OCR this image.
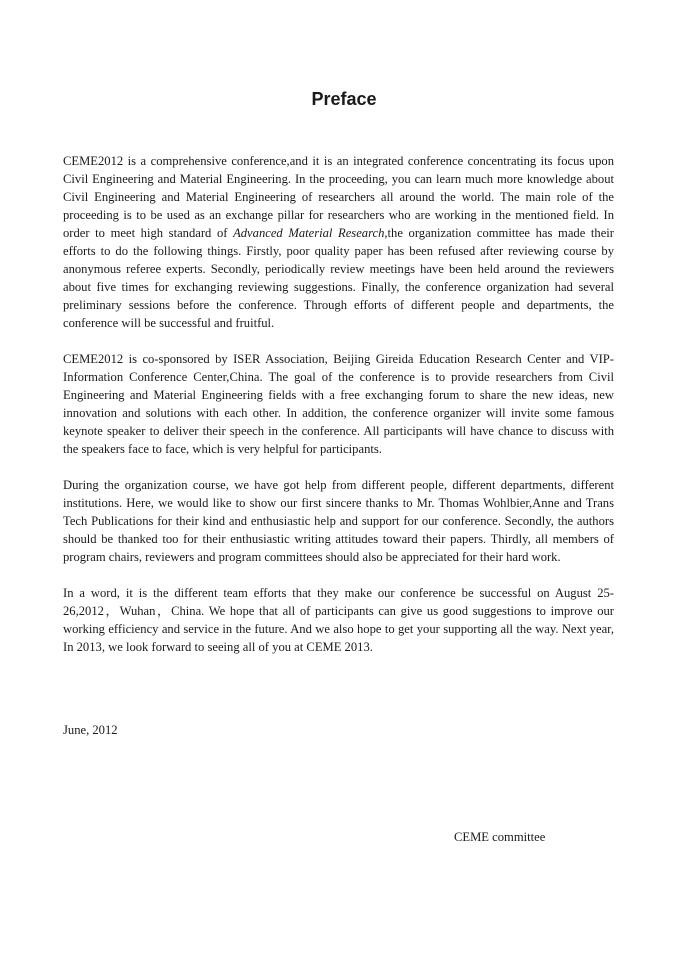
Preface

CEME2012 is a comprehensive conference,and it is an integrated conference concentrating its focus upon Civil Engineering and Material Engineering. In the proceeding, you can learn much more knowledge about Civil Engineering and Material Engineering of researchers all around the world. The main role of the proceeding is to be used as an exchange pillar for researchers who are working in the mentioned field. In order to meet high standard of Advanced Material Research,the organization committee has made their efforts to do the following things. Firstly, poor quality paper has been refused after reviewing course by anonymous referee experts. Secondly, periodically review meetings have been held around the reviewers about five times for exchanging reviewing suggestions. Finally, the conference organization had several preliminary sessions before the conference. Through efforts of different people and departments, the conference will be successful and fruitful.

CEME2012 is co-sponsored by ISER Association, Beijing Gireida Education Research Center and VIP-Information Conference Center,China. The goal of the conference is to provide researchers from Civil Engineering and Material Engineering fields with a free exchanging forum to share the new ideas, new innovation and solutions with each other. In addition, the conference organizer will invite some famous keynote speaker to deliver their speech in the conference. All participants will have chance to discuss with the speakers face to face, which is very helpful for participants.

During the organization course, we have got help from different people, different departments, different institutions. Here, we would like to show our first sincere thanks to Mr. Thomas Wohlbier,Anne and Trans Tech Publications for their kind and enthusiastic help and support for our conference. Secondly, the authors should be thanked too for their enthusiastic writing attitudes toward their papers. Thirdly, all members of program chairs, reviewers and program committees should also be appreciated for their hard work.

In a word, it is the different team efforts that they make our conference be successful on August 25-26,2012，Wuhan，China. We hope that all of participants can give us good suggestions to improve our working efficiency and service in the future. And we also hope to get your supporting all the way. Next year, In 2013, we look forward to seeing all of you at CEME 2013.

June, 2012

CEME committee
